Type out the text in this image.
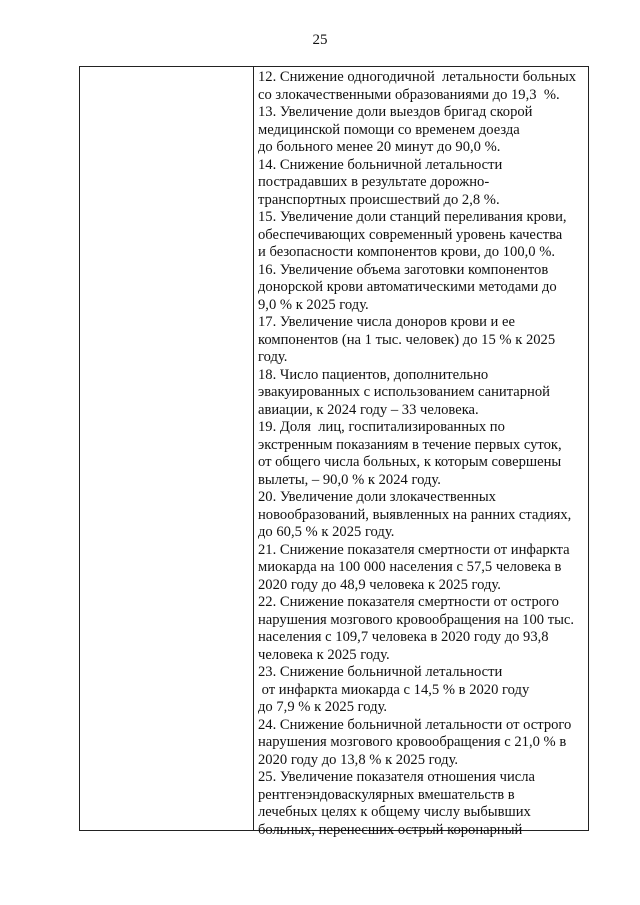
25
12. Снижение одногодичной  летальности больных
со злокачественными образованиями до 19,3  %.
13. Увеличение доли выездов бригад скорой
медицинской помощи со временем доезда
до больного менее 20 минут до 90,0 %.
14. Снижение больничной летальности
пострадавших в результате дорожно-
транспортных происшествий до 2,8 %.
15. Увеличение доли станций переливания крови,
обеспечивающих современный уровень качества
и безопасности компонентов крови, до 100,0 %.
16. Увеличение объема заготовки компонентов
донорской крови автоматическими методами до
9,0 % к 2025 году.
17. Увеличение числа доноров крови и ее
компонентов (на 1 тыс. человек) до 15 % к 2025
году.
18. Число пациентов, дополнительно
эвакуированных с использованием санитарной
авиации, к 2024 году – 33 человека.
19. Доля  лиц, госпитализированных по
экстренным показаниям в течение первых суток,
от общего числа больных, к которым совершены
вылеты, – 90,0 % к 2024 году.
20. Увеличение доли злокачественных
новообразований, выявленных на ранних стадиях,
до 60,5 % к 2025 году.
21. Снижение показателя смертности от инфаркта
миокарда на 100 000 населения с 57,5 человека в
2020 году до 48,9 человека к 2025 году.
22. Снижение показателя смертности от острого
нарушения мозгового кровообращения на 100 тыс.
населения с 109,7 человека в 2020 году до 93,8
человека к 2025 году.
23. Снижение больничной летальности
от инфаркта миокарда с 14,5 % в 2020 году
до 7,9 % к 2025 году.
24. Снижение больничной летальности от острого
нарушения мозгового кровообращения с 21,0 % в
2020 году до 13,8 % к 2025 году.
25. Увеличение показателя отношения числа
рентгенэндоваскулярных вмешательств в
лечебных целях к общему числу выбывших
больных, перенесших острый коронарный
